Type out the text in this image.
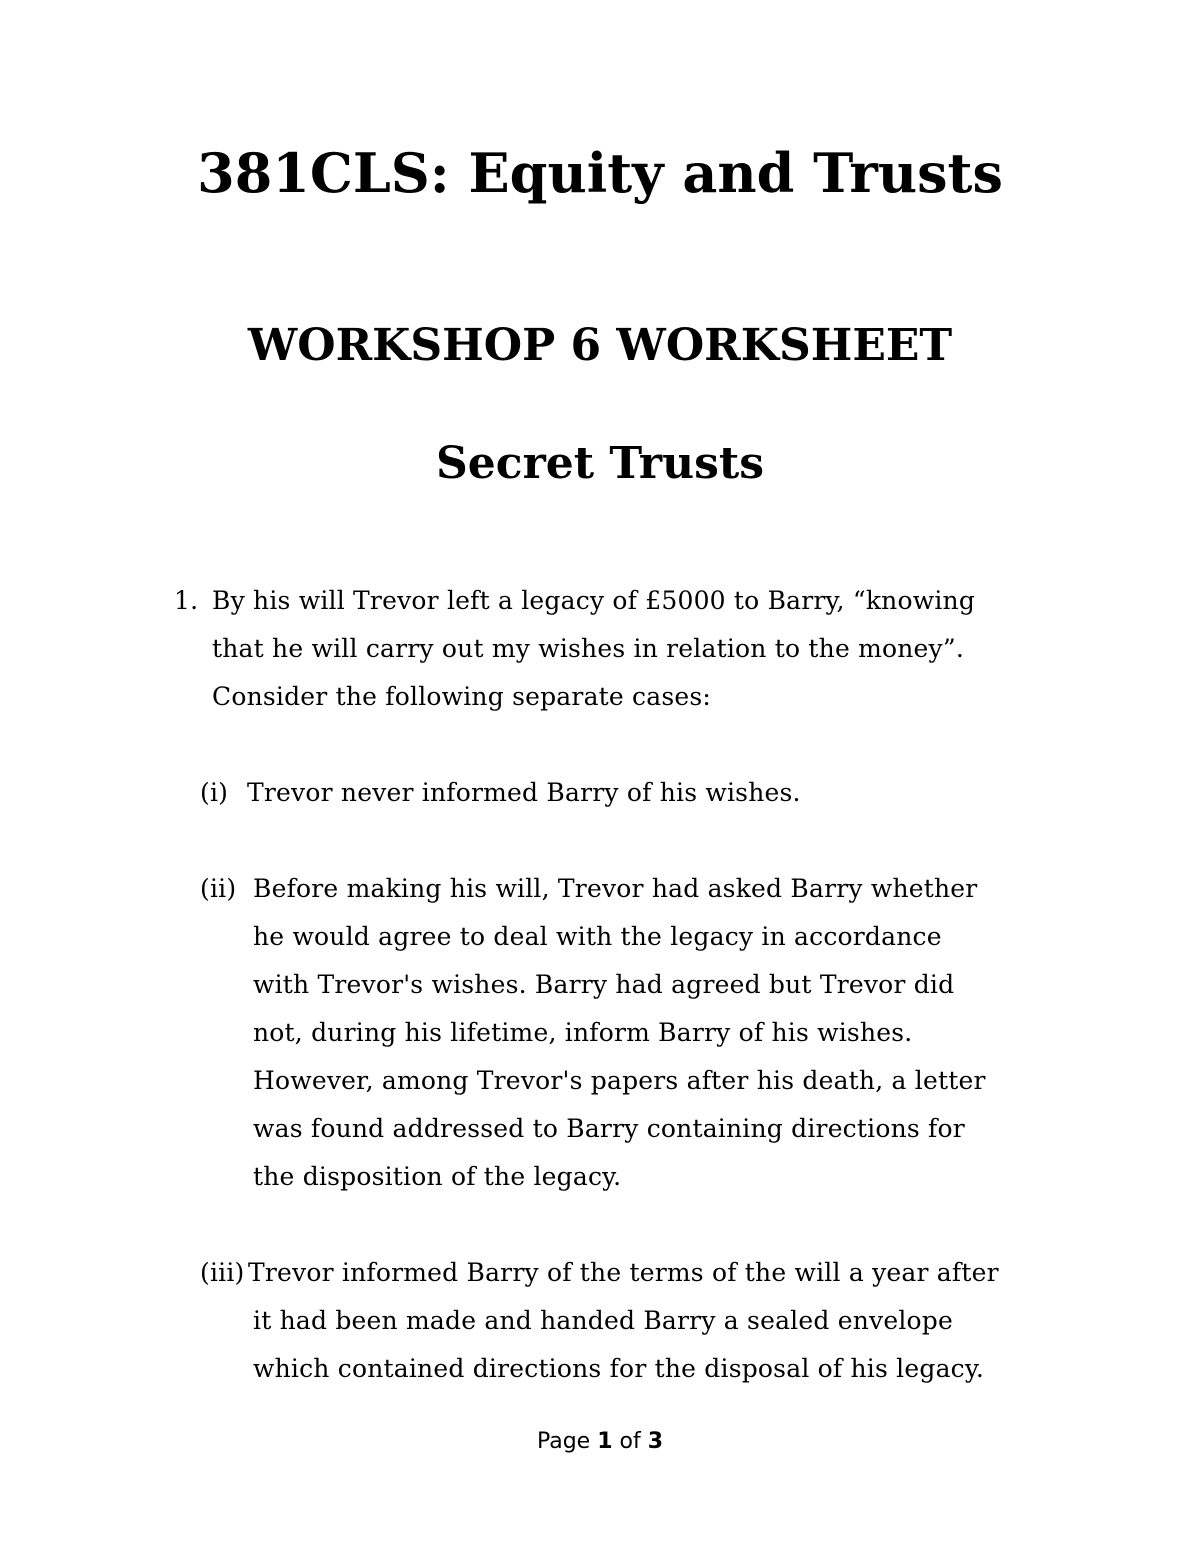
381CLS: Equity and Trusts
WORKSHOP 6 WORKSHEET
Secret Trusts
1. By his will Trevor left a legacy of £5000 to Barry, “knowing
that he will carry out my wishes in relation to the money”.
Consider the following separate cases:
(i) Trevor never informed Barry of his wishes.
(ii) Before making his will, Trevor had asked Barry whether
he would agree to deal with the legacy in accordance
with Trevor's wishes. Barry had agreed but Trevor did
not, during his lifetime, inform Barry of his wishes.
However, among Trevor's papers after his death, a letter
was found addressed to Barry containing directions for
the disposition of the legacy.
(iii) Trevor informed Barry of the terms of the will a year after
it had been made and handed Barry a sealed envelope
which contained directions for the disposal of his legacy.
Page 1 of 3
